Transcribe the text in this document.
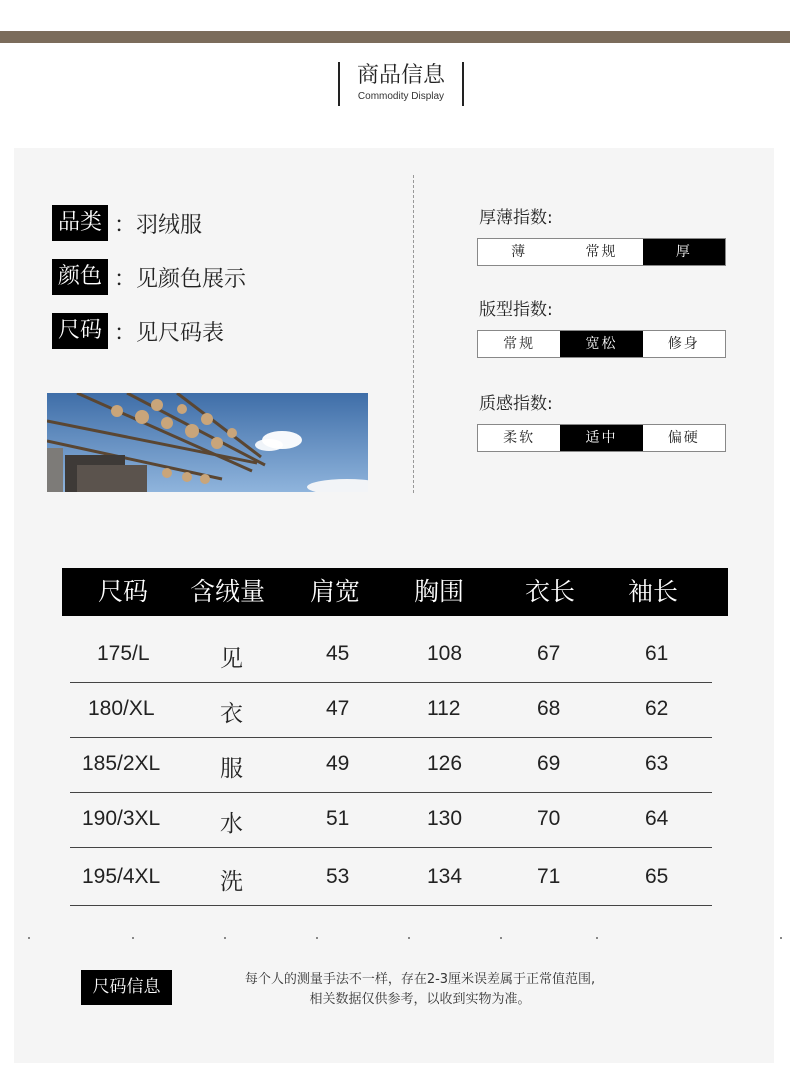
商品信息
Commodity Display
品类 ：羽绒服
颜色 ：见颜色展示
尺码 ：见尺码表
厚薄指数:
薄	常规	厚
版型指数:
常规	宽松	修身
质感指数:
柔软	适中	偏硬
尺码 含绒量 肩宽 胸围 衣长 袖长
175/L	见	45	108	67	61
180/XL	衣	47	112	68	62
185/2XL	服	49	126	69	63
190/3XL	水	51	130	70	64
195/4XL	洗	53	134	71	65
尺码信息	每个人的测量手法不一样，存在2-3厘米误差属于正常值范围,
相关数据仅供参考，以收到实物为准。
